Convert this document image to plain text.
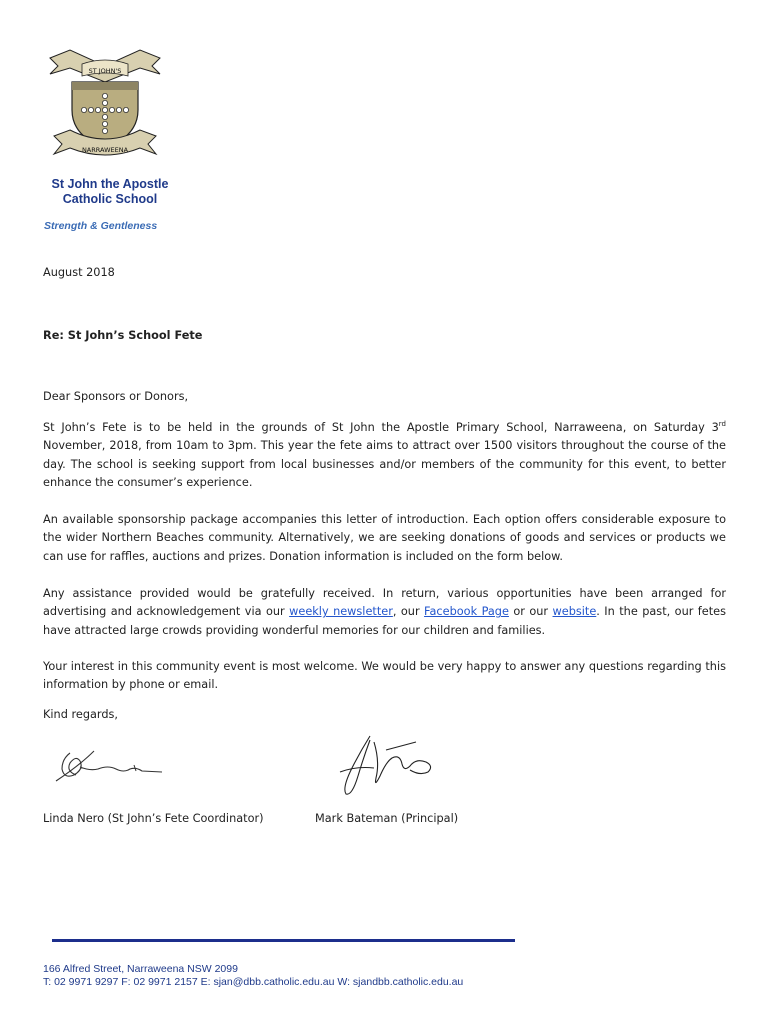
ST JOHN'S
NARRAWEENA
St John the Apostle
Catholic School
Strength & Gentleness
August 2018
Re: St John’s School Fete
Dear Sponsors or Donors,
St John’s Fete is to be held in the grounds of St John the Apostle Primary School, Narraweena, on Saturday 3rd November, 2018, from 10am to 3pm. This year the fete aims to attract over 1500 visitors throughout the course of the day. The school is seeking support from local businesses and/or members of the community for this event, to better enhance the consumer’s experience.
An available sponsorship package accompanies this letter of introduction. Each option offers considerable exposure to the wider Northern Beaches community. Alternatively, we are seeking donations of goods and services or products we can use for raffles, auctions and prizes. Donation information is included on the form below.
Any assistance provided would be gratefully received. In return, various opportunities have been arranged for advertising and acknowledgement via our weekly newsletter, our Facebook Page or our website. In the past, our fetes have attracted large crowds providing wonderful memories for our children and families.
Your interest in this community event is most welcome. We would be very happy to answer any questions regarding this information by phone or email.
Kind regards,
Linda Nero (St John’s Fete Coordinator)	Mark Bateman (Principal)
166 Alfred Street, Narraweena NSW 2099
T: 02 9971 9297 F: 02 9971 2157 E: sjan@dbb.catholic.edu.au W: sjandbb.catholic.edu.au
